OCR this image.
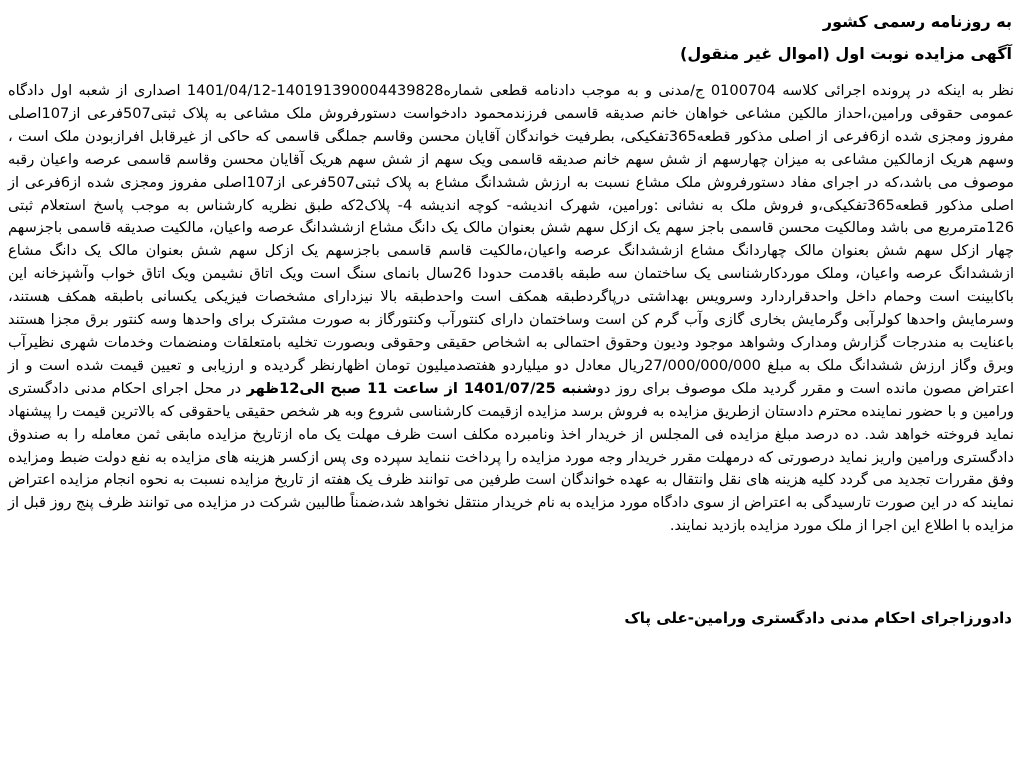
به روزنامه رسمی کشور
آگهی مزایده نوبت اول (اموال غیر منقول)
نظر به اینکه در پرونده اجرائی کلاسه 0100704 ج/مدنی و به موجب دادنامه قطعی شماره140191390004439828-1401/04/12 اصداری از شعبه اول دادگاه عمومی حقوقی ورامین،احداز مالکین مشاعی خواهان خانم صدیقه قاسمی فرزندمحمود دادخواست دستورفروش ملک مشاعی به پلاک ثبتی507فرعی از107اصلی مفروز ومجزی شده از6فرعی از اصلی مذکور قطعه365تفکیکی، بطرفیت خواندگان آقایان محسن وقاسم جملگی قاسمی که حاکی از غیرقابل افرازبودن ملک است ، وسهم هریک ازمالکین مشاعی به میزان چهارسهم از شش سهم خانم صدیقه قاسمی ویک سهم از شش سهم هریک آقایان محسن وقاسم قاسمی عرصه واعیان رقبه موصوف می باشد،که در اجرای مفاد دستورفروش ملک مشاع نسبت به ارزش ششدانگ مشاع به پلاک ثبتی507فرعی از107اصلی مفروز ومجزی شده از6فرعی از اصلی مذکور قطعه365تفکیکی،و فروش ملک به نشانی :ورامین، شهرک اندیشه- کوچه اندیشه 4- پلاک2که طبق نظریه کارشناس به موجب پاسخ استعلام ثبتی 126مترمربع می باشد ومالکیت محسن قاسمی باجز سهم یک ازکل سهم شش بعنوان مالک یک دانگ مشاع ازششدانگ عرصه واعیان، مالکیت صدیقه قاسمی باجزسهم چهار ازکل سهم شش بعنوان مالک چهاردانگ مشاع ازششدانگ عرصه واعیان،مالکیت قاسم قاسمی باجزسهم یک ازکل سهم شش بعنوان مالک یک دانگ مشاع ازششدانگ عرصه واعیان، وملک موردکارشناسی یک ساختمان سه طبقه باقدمت حدودا 26سال بانمای سنگ است ویک اتاق نشیمن ویک اتاق خواب وآشپزخانه این باکابینت است وحمام داخل واحدقراردارد وسرویس بهداشتی درپاگردطبقه همکف است واحدطبقه بالا نیزدارای مشخصات فیزیکی یکسانی باطبقه همکف هستند، وسرمایش واحدها کولرآبی وگرمایش بخاری گازی وآب گرم کن است وساختمان دارای کنتورآب وکنتورگاز به صورت مشترک برای واحدها وسه کنتور برق مجزا هستند باعنایت به مندرجات گزارش ومدارک وشواهد موجود ودیون وحقوق احتمالی به اشخاص حقیقی وحقوقی وبصورت تخلیه بامتعلقات ومنضمات وخدمات شهری نظیرآب وبرق وگاز ارزش ششدانگ ملک به مبلغ 27/000/000/000ریال معادل دو میلیاردو هفتصدمیلیون تومان اظهارنظر گردیده و ارزیابی و تعیین قیمت شده است و از اعتراض مصون مانده است و مقرر گردید ملک موصوف برای روز دوشنبه 1401/07/25 از ساعت 11 صبح الی12ظهر در محل اجرای احکام مدنی دادگستری ورامین و با حضور نماینده محترم دادستان ازطریق مزایده به فروش برسد مزایده ازقیمت کارشناسی شروع وبه هر شخص حقیقی یاحقوقی که بالاترین قیمت را پیشنهاد نماید فروخته خواهد شد. ده درصد مبلغ مزایده فی المجلس از خریدار اخذ ونامبرده مکلف است ظرف مهلت یک ماه ازتاریخ مزایده مابقی ثمن معامله را به صندوق دادگستری ورامین واریز نماید درصورتی که درمهلت مقرر خریدار وجه مورد مزایده را پرداخت ننماید سپرده وی پس ازکسر هزینه های مزایده به نفع دولت ضبط ومزایده وفق مقررات تجدید می گردد کلیه هزینه های نقل وانتقال به عهده خواندگان است طرفین می توانند ظرف یک هفته از تاریخ مزایده نسبت به نحوه انجام مزایده اعتراض نمایند که در این صورت تارسیدگی به اعتراض از سوی دادگاه مورد مزایده به نام خریدار منتقل نخواهد شد،ضمناً طالبین شرکت در مزایده می توانند ظرف پنج روز قبل از مزایده با اطلاع این اجرا از ملک مورد مزایده بازدید نمایند.
دادورزاجرای احکام مدنی دادگستری ورامین-علی پاک
